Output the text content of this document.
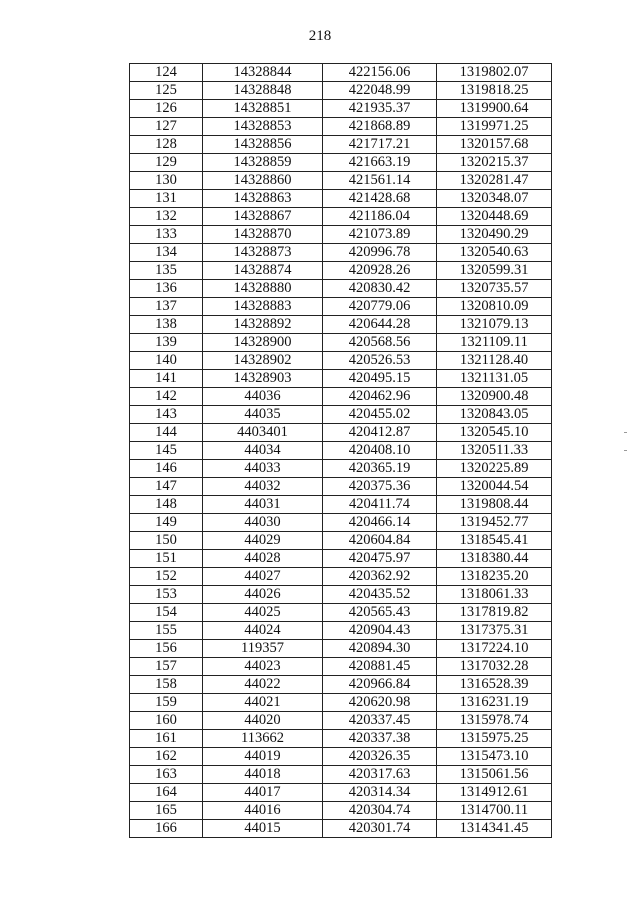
218
124	14328844	422156.06	1319802.07
125	14328848	422048.99	1319818.25
126	14328851	421935.37	1319900.64
127	14328853	421868.89	1319971.25
128	14328856	421717.21	1320157.68
129	14328859	421663.19	1320215.37
130	14328860	421561.14	1320281.47
131	14328863	421428.68	1320348.07
132	14328867	421186.04	1320448.69
133	14328870	421073.89	1320490.29
134	14328873	420996.78	1320540.63
135	14328874	420928.26	1320599.31
136	14328880	420830.42	1320735.57
137	14328883	420779.06	1320810.09
138	14328892	420644.28	1321079.13
139	14328900	420568.56	1321109.11
140	14328902	420526.53	1321128.40
141	14328903	420495.15	1321131.05
142	44036	420462.96	1320900.48
143	44035	420455.02	1320843.05
144	4403401	420412.87	1320545.10
145	44034	420408.10	1320511.33
146	44033	420365.19	1320225.89
147	44032	420375.36	1320044.54
148	44031	420411.74	1319808.44
149	44030	420466.14	1319452.77
150	44029	420604.84	1318545.41
151	44028	420475.97	1318380.44
152	44027	420362.92	1318235.20
153	44026	420435.52	1318061.33
154	44025	420565.43	1317819.82
155	44024	420904.43	1317375.31
156	119357	420894.30	1317224.10
157	44023	420881.45	1317032.28
158	44022	420966.84	1316528.39
159	44021	420620.98	1316231.19
160	44020	420337.45	1315978.74
161	113662	420337.38	1315975.25
162	44019	420326.35	1315473.10
163	44018	420317.63	1315061.56
164	44017	420314.34	1314912.61
165	44016	420304.74	1314700.11
166	44015	420301.74	1314341.45
